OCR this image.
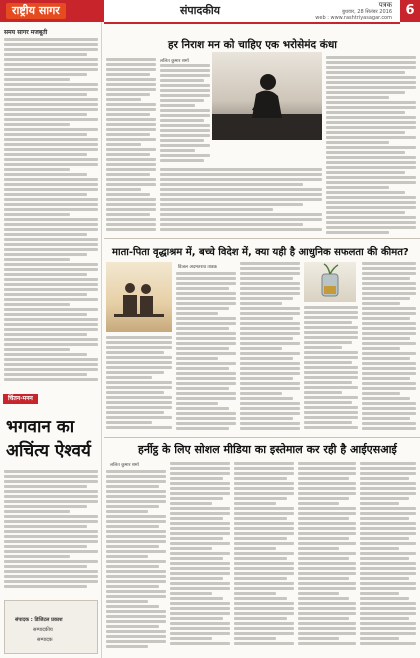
राष्ट्रीय सागर	संपादकीय	पत्रक
बुधवार, 28 सितंबर 2016
web : www.rashtriyasagar.com	6
समय सागर मजबूती
चिंतन-मनन
भगवान का
अचिंत्य ऐश्वर्य
संपादक : डिजिटल प्रकाश
सम्पादकीय
सम्पादक
हर निराश मन को चाहिए एक भरोसेमंद कंधा
ललित कुमार शर्मा
माता-पिता वृद्धाश्रम में, बच्चे विदेश में, क्या यही है आधुनिक सफलता की कीमत?
डिजल अदमतराव ताडक
हर्नीट्ठ के लिए सोशल मीडिया का इस्तेमाल कर रही है आईएसआई
ललित कुमार शर्मा
